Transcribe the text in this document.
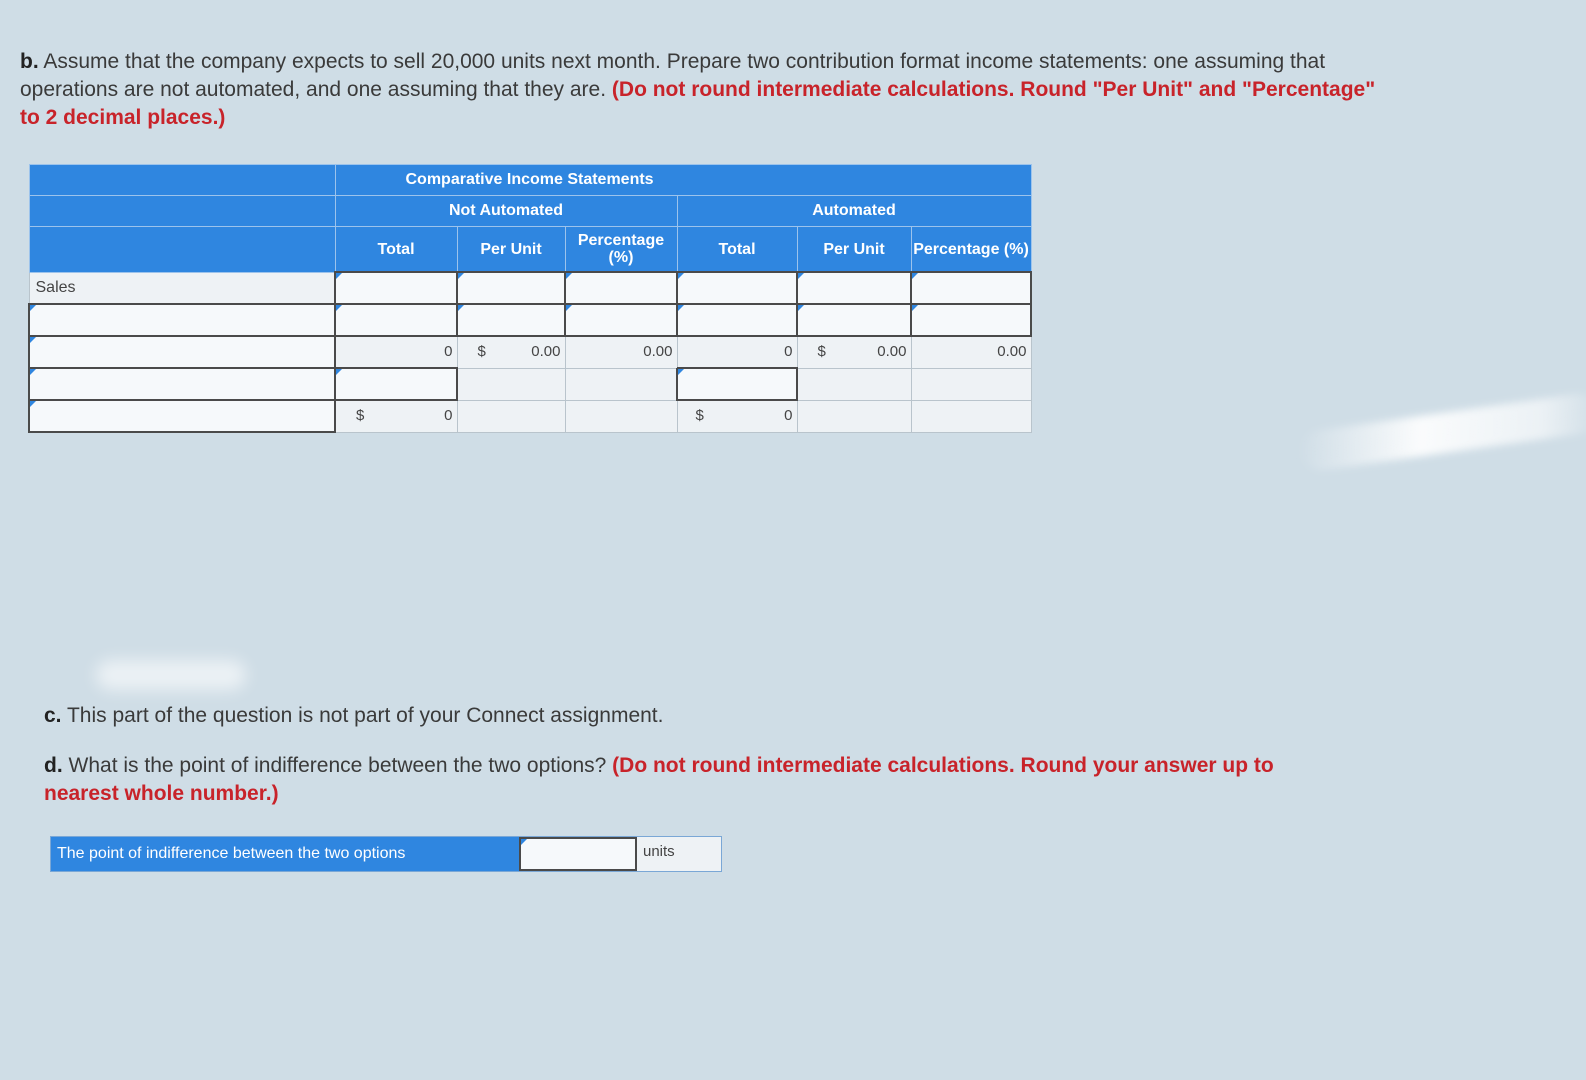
b. Assume that the company expects to sell 20,000 units next month. Prepare two contribution format income statements: one assuming that operations are not automated, and one assuming that they are. (Do not round intermediate calculations. Round "Per Unit" and "Percentage" to 2 decimal places.)
	Comparative Income Statements					
	Not Automated			Automated		
	Total	Per Unit	Percentage (%)	Total	Per Unit	Percentage (%)
Sales						

	0	$ 0.00	0.00	0	$ 0.00	0.00

	$ 0			$ 0		

c. This part of the question is not part of your Connect assignment.
d. What is the point of indifference between the two options? (Do not round intermediate calculations. Round your answer up to nearest whole number.)
The point of indifference between the two options	units
